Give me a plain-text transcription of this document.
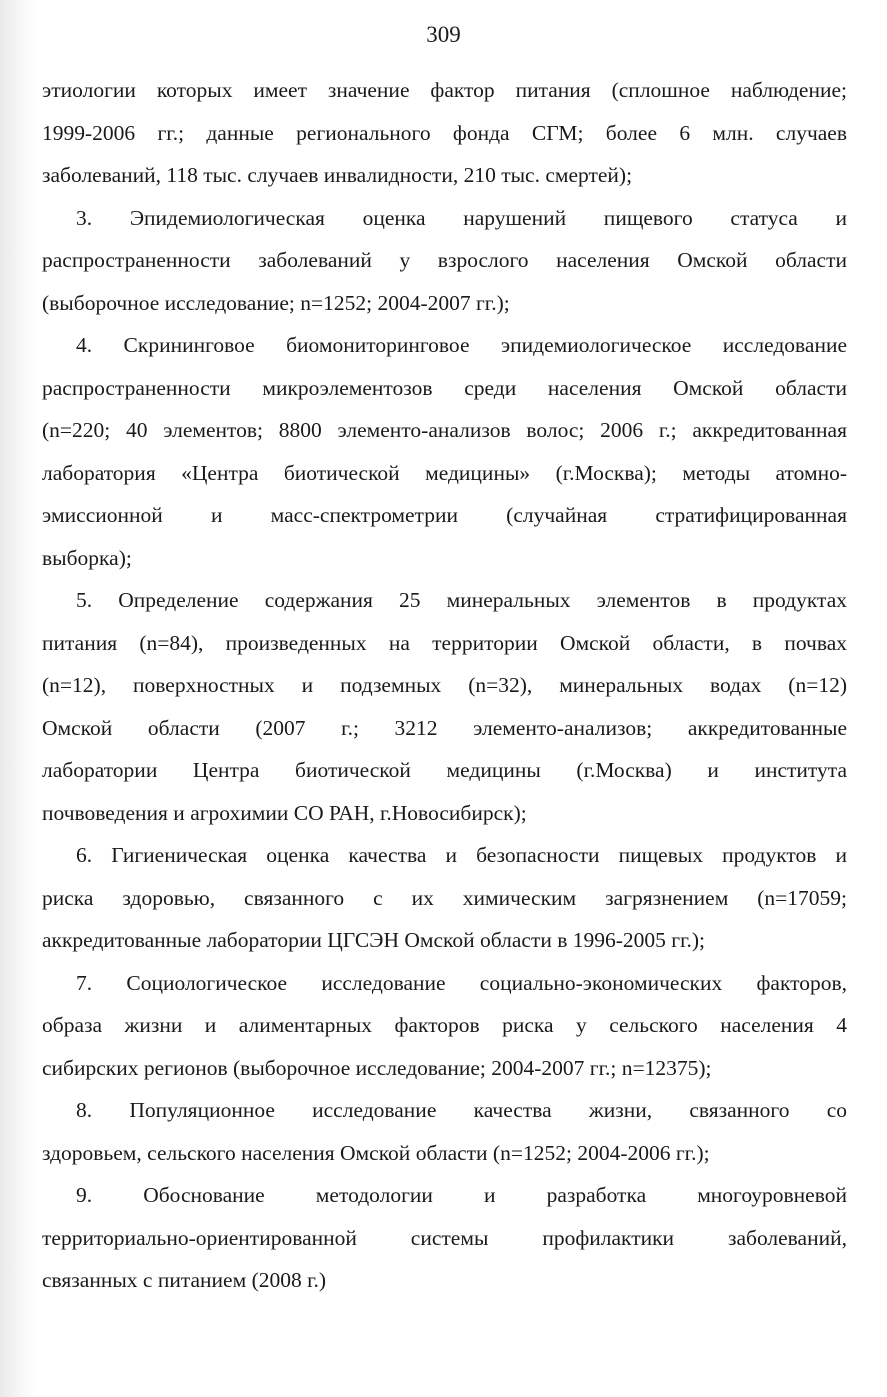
309
этиологии которых имеет значение фактор питания (сплошное наблюдение;
1999-2006 гг.; данные регионального фонда СГМ; более 6 млн. случаев
заболеваний, 118 тыс. случаев инвалидности, 210 тыс. смертей);
3. Эпидемиологическая оценка нарушений пищевого статуса и
распространенности заболеваний у взрослого населения Омской области
(выборочное исследование; n=1252; 2004-2007 гг.);
4. Скрининговое биомониторинговое эпидемиологическое исследование
распространенности микроэлементозов среди населения Омской области
(n=220; 40 элементов; 8800 элементо-анализов волос; 2006 г.; аккредитованная
лаборатория «Центра биотической медицины» (г.Москва); методы атомно-
эмиссионной и масс-спектрометрии (случайная стратифицированная
выборка);
5. Определение содержания 25 минеральных элементов в продуктах
питания (n=84), произведенных на территории Омской области, в почвах
(n=12), поверхностных и подземных (n=32), минеральных водах (n=12)
Омской области (2007 г.; 3212 элементо-анализов; аккредитованные
лаборатории Центра биотической медицины (г.Москва) и института
почвоведения и агрохимии СО РАН, г.Новосибирск);
6. Гигиеническая оценка качества и безопасности пищевых продуктов и
риска здоровью, связанного с их химическим загрязнением (n=17059;
аккредитованные лаборатории ЦГСЭН Омской области в 1996-2005 гг.);
7. Социологическое исследование социально-экономических факторов,
образа жизни и алиментарных факторов риска у сельского населения 4
сибирских регионов (выборочное исследование; 2004-2007 гг.; n=12375);
8. Популяционное исследование качества жизни, связанного со
здоровьем, сельского населения Омской области (n=1252; 2004-2006 гг.);
9. Обоснование методологии и разработка многоуровневой
территориально-ориентированной системы профилактики заболеваний,
связанных с питанием (2008 г.)
